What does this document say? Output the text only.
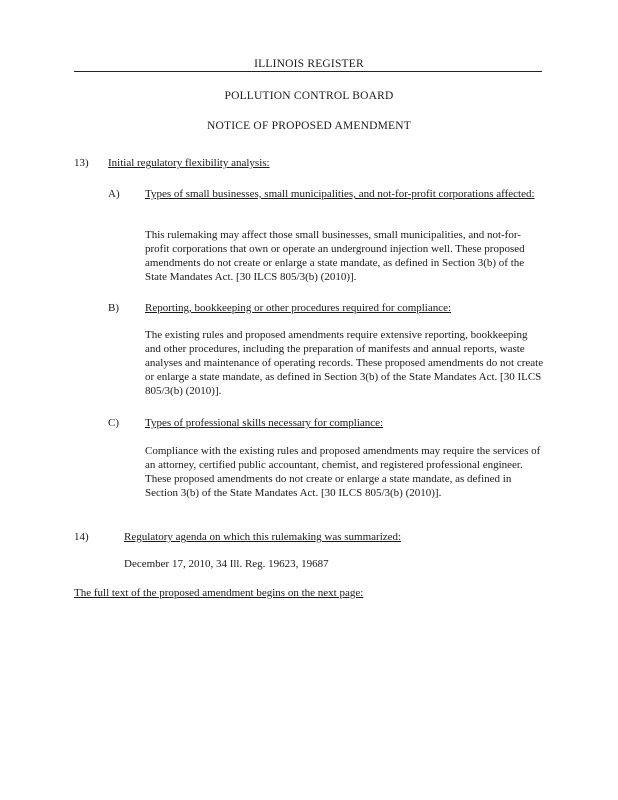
ILLINOIS REGISTER
POLLUTION CONTROL BOARD
NOTICE OF PROPOSED AMENDMENT
13) Initial regulatory flexibility analysis:
A) Types of small businesses, small municipalities, and not-for-profit corporations affected:
This rulemaking may affect those small businesses, small municipalities, and not-for-profit corporations that own or operate an underground injection well. These proposed amendments do not create or enlarge a state mandate, as defined in Section 3(b) of the State Mandates Act. [30 ILCS 805/3(b) (2010)].
B) Reporting, bookkeeping or other procedures required for compliance:
The existing rules and proposed amendments require extensive reporting, bookkeeping and other procedures, including the preparation of manifests and annual reports, waste analyses and maintenance of operating records. These proposed amendments do not create or enlarge a state mandate, as defined in Section 3(b) of the State Mandates Act. [30 ILCS 805/3(b) (2010)].
C) Types of professional skills necessary for compliance:
Compliance with the existing rules and proposed amendments may require the services of an attorney, certified public accountant, chemist, and registered professional engineer. These proposed amendments do not create or enlarge a state mandate, as defined in Section 3(b) of the State Mandates Act. [30 ILCS 805/3(b) (2010)].
14)	Regulatory agenda on which this rulemaking was summarized:
December 17, 2010, 34 Ill. Reg. 19623, 19687
The full text of the proposed amendment begins on the next page:
